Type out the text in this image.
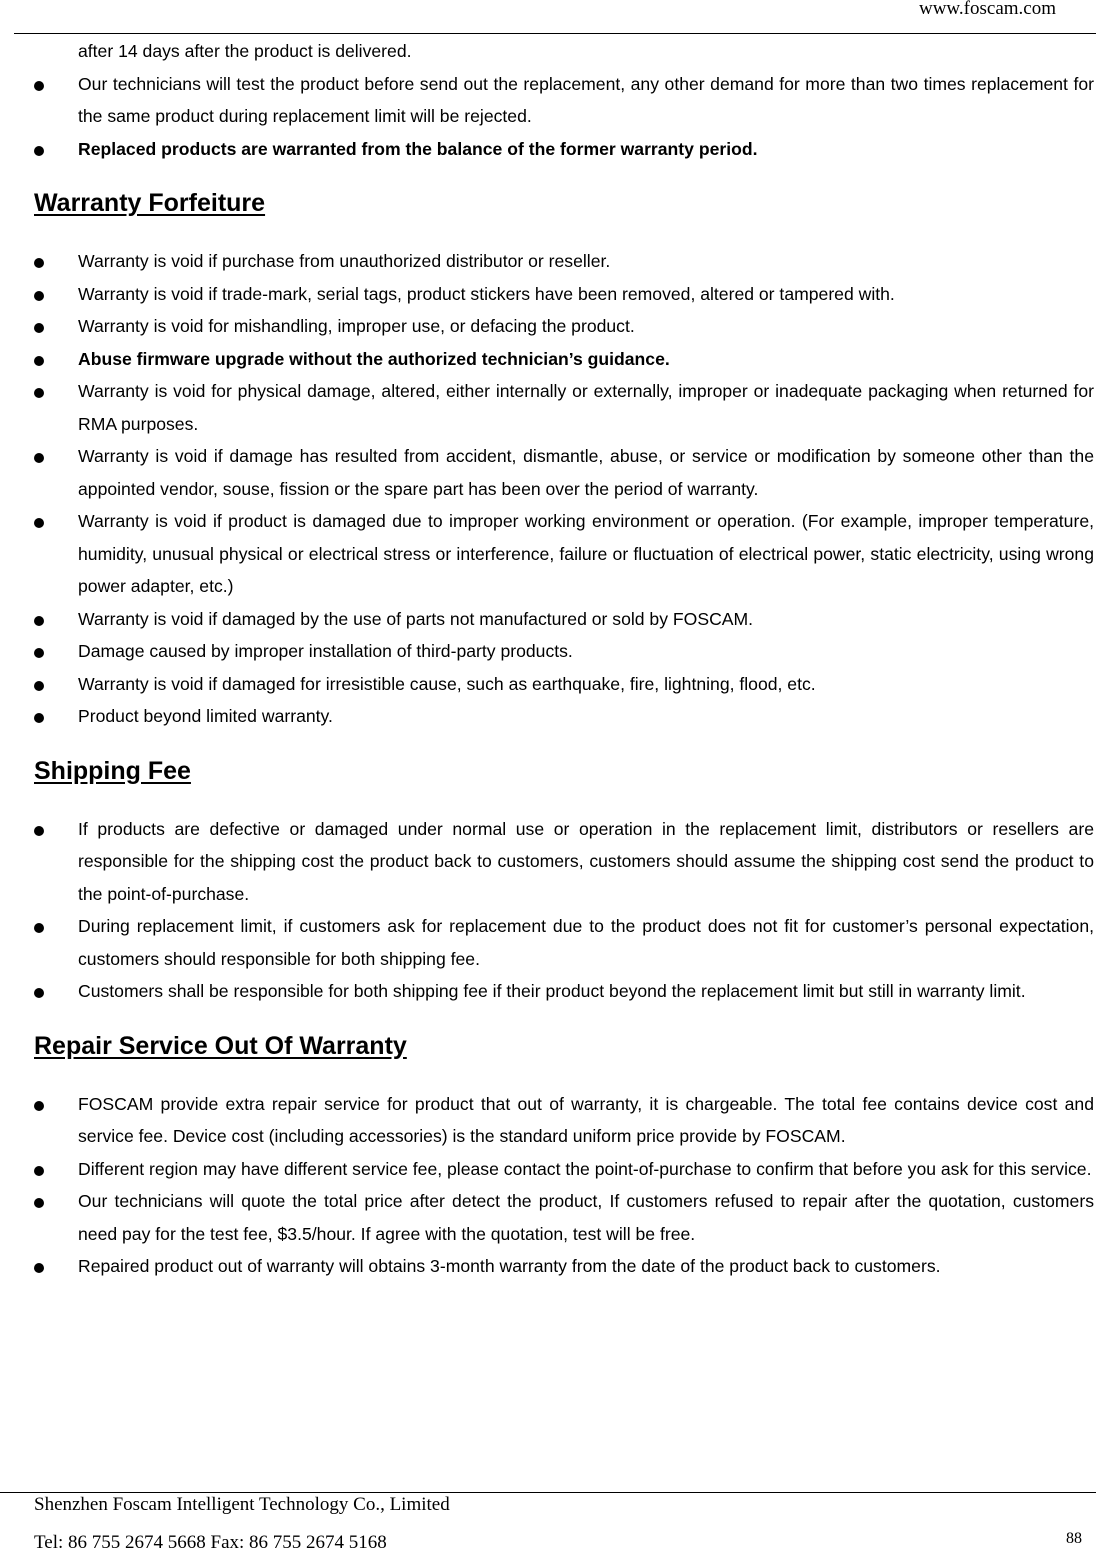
www.foscam.com

after 14 days after the product is delivered.

Our technicians will test the product before send out the replacement, any other demand for more than two times replacement for the same product during replacement limit will be rejected.
Replaced products are warranted from the balance of the former warranty period.
Warranty Forfeiture
Warranty is void if purchase from unauthorized distributor or reseller.
Warranty is void if trade-mark, serial tags, product stickers have been removed, altered or tampered with.
Warranty is void for mishandling, improper use, or defacing the product.
Abuse firmware upgrade without the authorized technician’s guidance.
Warranty is void for physical damage, altered, either internally or externally, improper or inadequate packaging when returned for RMA purposes.
Warranty is void if damage has resulted from accident, dismantle, abuse, or service or modification by someone other than the appointed vendor, souse, fission or the spare part has been over the period of warranty.
Warranty is void if product is damaged due to improper working environment or operation. (For example, improper temperature, humidity, unusual physical or electrical stress or interference, failure or fluctuation of electrical power, static electricity, using wrong power adapter, etc.)
Warranty is void if damaged by the use of parts not manufactured or sold by FOSCAM.
Damage caused by improper installation of third-party products.
Warranty is void if damaged for irresistible cause, such as earthquake, fire, lightning, flood, etc.
Product beyond limited warranty.
Shipping Fee
If products are defective or damaged under normal use or operation in the replacement limit, distributors or resellers are responsible for the shipping cost the product back to customers, customers should assume the shipping cost send the product to the point-of-purchase.
During replacement limit, if customers ask for replacement due to the product does not fit for customer’s personal expectation, customers should responsible for both shipping fee.
Customers shall be responsible for both shipping fee if their product beyond the replacement limit but still in warranty limit.
Repair Service Out Of Warranty
FOSCAM provide extra repair service for product that out of warranty, it is chargeable. The total fee contains device cost and service fee. Device cost (including accessories) is the standard uniform price provide by FOSCAM.
Different region may have different service fee, please contact the point-of-purchase to confirm that before you ask for this service.
Our technicians will quote the total price after detect the product, If customers refused to repair after the quotation, customers need pay for the test fee, $3.5/hour. If agree with the quotation, test will be free.
Repaired product out of warranty will obtains 3-month warranty from the date of the product back to customers.
Shenzhen Foscam Intelligent Technology Co., Limited
Tel: 86 755 2674 5668 Fax: 86 755 2674 5168	88
